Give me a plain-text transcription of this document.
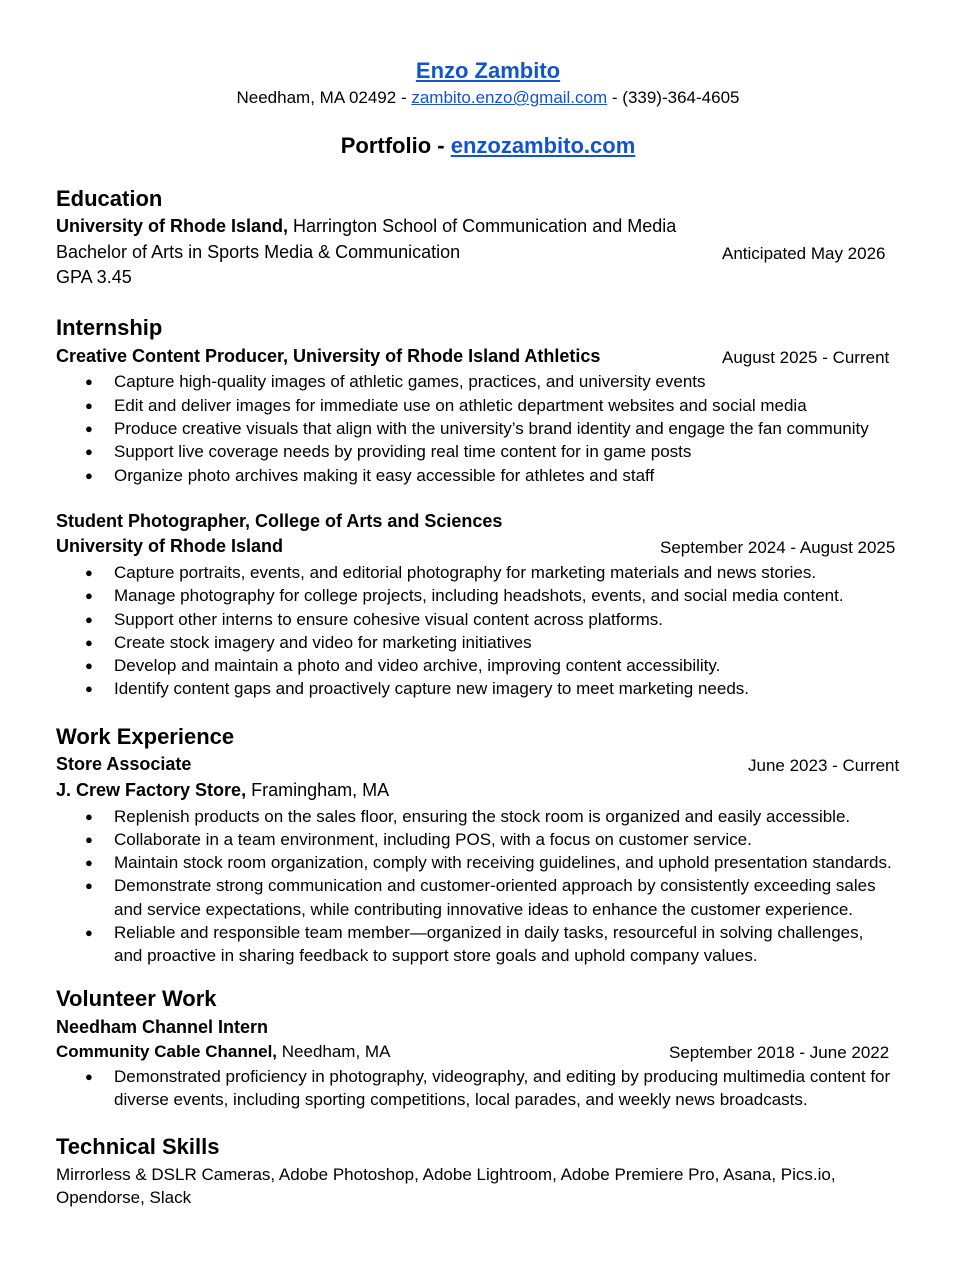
Enzo Zambito
Needham, MA 02492 - zambito.enzo@gmail.com - (339)-364-4605
Portfolio - enzozambito.com
Education
University of Rhode Island, Harrington School of Communication and Media
Bachelor of Arts in Sports Media & Communication	Anticipated May 2026
GPA 3.45
Internship
Creative Content Producer, University of Rhode Island Athletics	August 2025 - Current
● Capture high-quality images of athletic games, practices, and university events
● Edit and deliver images for immediate use on athletic department websites and social media
● Produce creative visuals that align with the university’s brand identity and engage the fan community
● Support live coverage needs by providing real time content for in game posts
● Organize photo archives making it easy accessible for athletes and staff
Student Photographer, College of Arts and Sciences
University of Rhode Island	September 2024 - August 2025
● Capture portraits, events, and editorial photography for marketing materials and news stories.
● Manage photography for college projects, including headshots, events, and social media content.
● Support other interns to ensure cohesive visual content across platforms.
● Create stock imagery and video for marketing initiatives
● Develop and maintain a photo and video archive, improving content accessibility.
● Identify content gaps and proactively capture new imagery to meet marketing needs.
Work Experience
Store Associate	June 2023 - Current
J. Crew Factory Store, Framingham, MA
● Replenish products on the sales floor, ensuring the stock room is organized and easily accessible.
● Collaborate in a team environment, including POS, with a focus on customer service.
● Maintain stock room organization, comply with receiving guidelines, and uphold presentation standards.
● Demonstrate strong communication and customer-oriented approach by consistently exceeding sales
and service expectations, while contributing innovative ideas to enhance the customer experience.
● Reliable and responsible team member—organized in daily tasks, resourceful in solving challenges,
and proactive in sharing feedback to support store goals and uphold company values.
Volunteer Work
Needham Channel Intern
Community Cable Channel, Needham, MA	September 2018 - June 2022
● Demonstrated proficiency in photography, videography, and editing by producing multimedia content for
diverse events, including sporting competitions, local parades, and weekly news broadcasts.
Technical Skills
Mirrorless & DSLR Cameras, Adobe Photoshop, Adobe Lightroom, Adobe Premiere Pro, Asana, Pics.io,
Opendorse, Slack
